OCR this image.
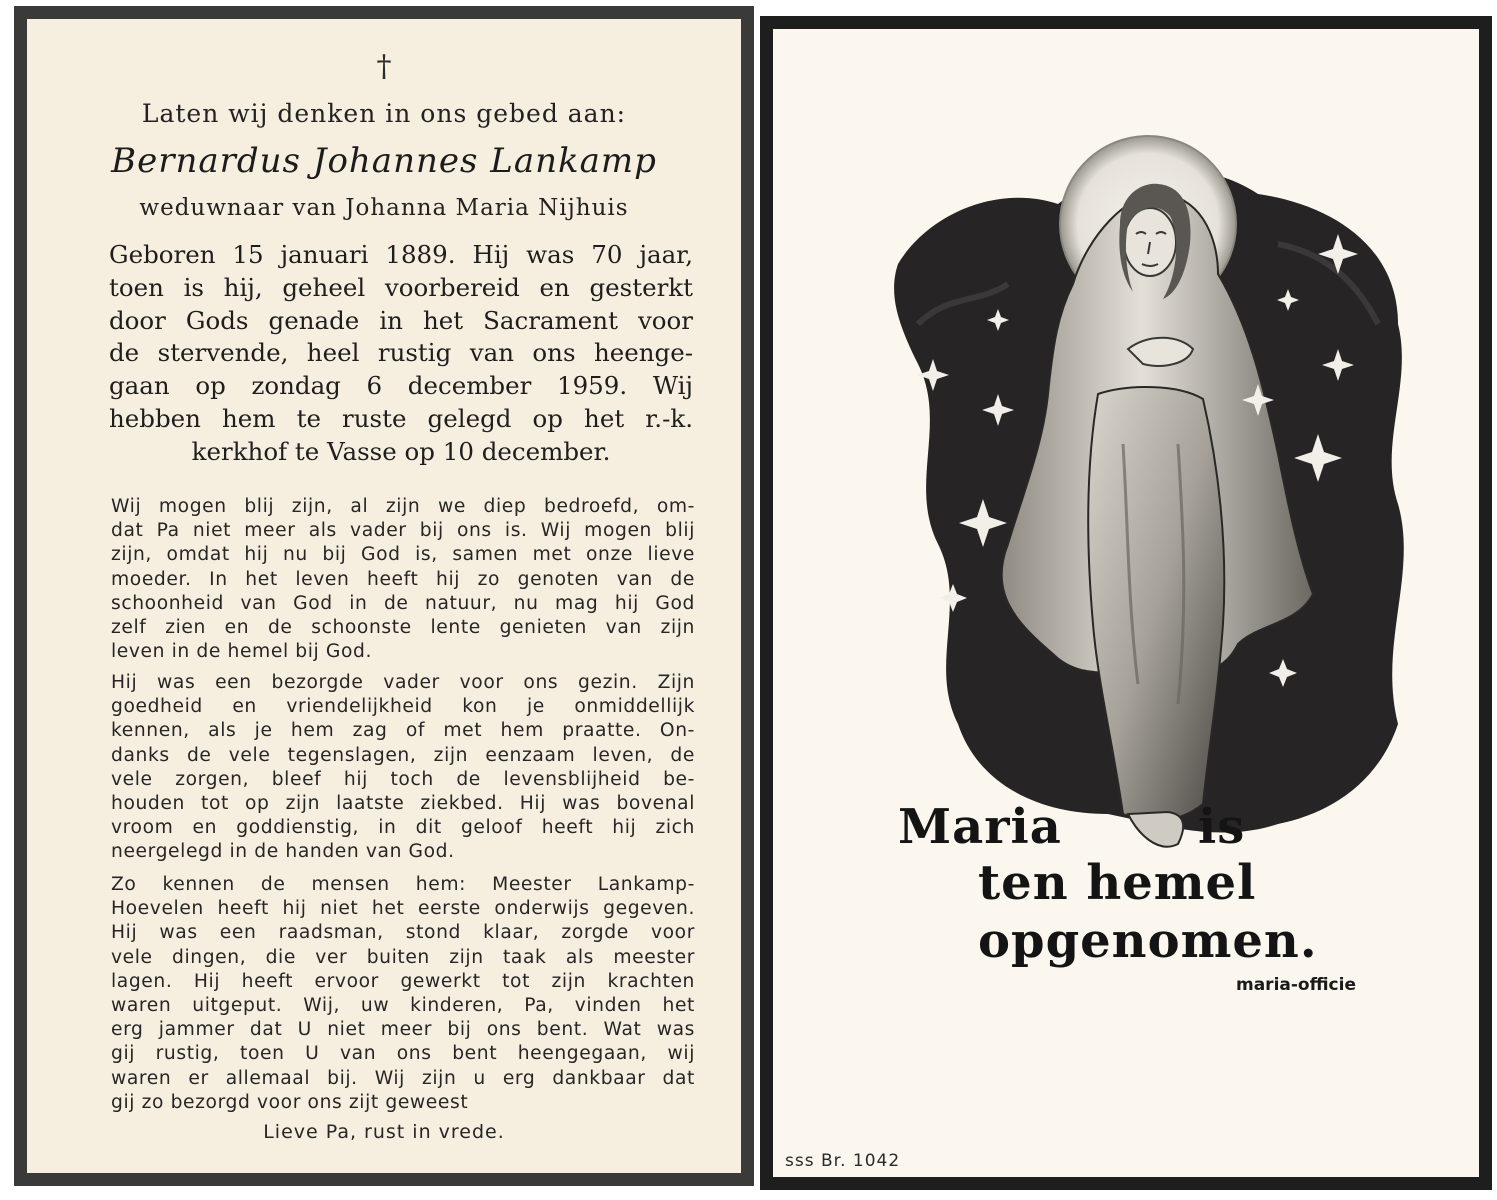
†
Laten wij denken in ons gebed aan:
Bernardus Johannes Lankamp
weduwnaar van Johanna Maria Nijhuis
Geboren 15 januari 1889. Hij was 70 jaar,
toen is hij, geheel voorbereid en gesterkt
door Gods genade in het Sacrament voor
de stervende, heel rustig van ons heenge-
gaan op zondag 6 december 1959. Wij
hebben hem te ruste gelegd op het r.-k.
kerkhof te Vasse op 10 december.
Wij mogen blij zijn, al zijn we diep bedroefd, om-
dat Pa niet meer als vader bij ons is. Wij mogen blij
zijn, omdat hij nu bij God is, samen met onze lieve
moeder. In het leven heeft hij zo genoten van de
schoonheid van God in de natuur, nu mag hij God
zelf zien en de schoonste lente genieten van zijn
leven in de hemel bij God.
Hij was een bezorgde vader voor ons gezin. Zijn
goedheid en vriendelijkheid kon je onmiddellijk
kennen, als je hem zag of met hem praatte. On-
danks de vele tegenslagen, zijn eenzaam leven, de
vele zorgen, bleef hij toch de levensblijheid be-
houden tot op zijn laatste ziekbed. Hij was bovenal
vroom en goddienstig, in dit geloof heeft hij zich
neergelegd in de handen van God.
Zo kennen de mensen hem: Meester Lankamp-
Hoevelen heeft hij niet het eerste onderwijs gegeven.
Hij was een raadsman, stond klaar, zorgde voor
vele dingen, die ver buiten zijn taak als meester
lagen. Hij heeft ervoor gewerkt tot zijn krachten
waren uitgeput. Wij, uw kinderen, Pa, vinden het
erg jammer dat U niet meer bij ons bent. Wat was
gij rustig, toen U van ons bent heengegaan, wij
waren er allemaal bij. Wij zijn u erg dankbaar dat
gij zo bezorgd voor ons zijt geweest
Lieve Pa, rust in vrede.
Maria	is
ten hemel
opgenomen.
maria-officie
sss Br. 1042
